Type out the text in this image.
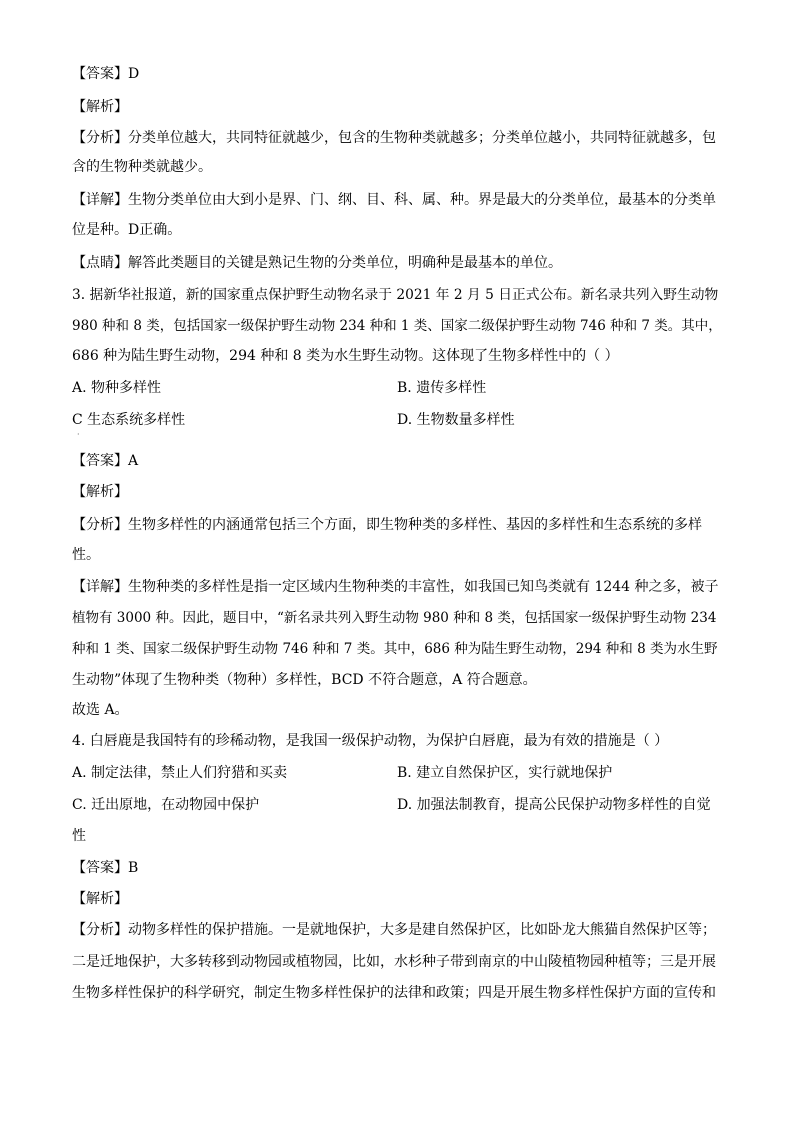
【答案】D
【解析】
【分析】分类单位越大，共同特征就越少，包含的生物种类就越多；分类单位越小，共同特征就越多，包
含的生物种类就越少。
【详解】生物分类单位由大到小是界、门、纲、目、科、属、种。界是最大的分类单位，最基本的分类单
位是种。D正确。
【点睛】解答此类题目的关键是熟记生物的分类单位，明确种是最基本的单位。
3. 据新华社报道，新的国家重点保护野生动物名录于 2021 年 2 月 5 日正式公布。新名录共列入野生动物
980 种和 8 类，包括国家一级保护野生动物 234 种和 1 类、国家二级保护野生动物 746 种和 7 类。其中，
686 种为陆生野生动物，294 种和 8 类为水生野生动物。这体现了生物多样性中的（ ）
A. 物种多样性	B. 遗传多样性
C 生态系统多样性	D. 生物数量多样性
·
【答案】A
【解析】
【分析】生物多样性的内涵通常包括三个方面，即生物种类的多样性、基因的多样性和生态系统的多样
性。
【详解】生物种类的多样性是指一定区域内生物种类的丰富性，如我国已知鸟类就有 1244 种之多，被子
植物有 3000 种。因此，题目中，“新名录共列入野生动物 980 种和 8 类，包括国家一级保护野生动物 234
种和 1 类、国家二级保护野生动物 746 种和 7 类。其中，686 种为陆生野生动物，294 种和 8 类为水生野
生动物”体现了生物种类（物种）多样性，BCD 不符合题意，A 符合题意。
故选 A。
4. 白唇鹿是我国特有的珍稀动物，是我国一级保护动物，为保护白唇鹿，最为有效的措施是（ ）
A. 制定法律，禁止人们狩猎和买卖	B. 建立自然保护区，实行就地保护
C. 迁出原地，在动物园中保护	D. 加强法制教育，提高公民保护动物多样性的自觉
性
【答案】B
【解析】
【分析】动物多样性的保护措施。一是就地保护，大多是建自然保护区，比如卧龙大熊猫自然保护区等；
二是迁地保护，大多转移到动物园或植物园，比如，水杉种子带到南京的中山陵植物园种植等；三是开展
生物多样性保护的科学研究，制定生物多样性保护的法律和政策；四是开展生物多样性保护方面的宣传和
